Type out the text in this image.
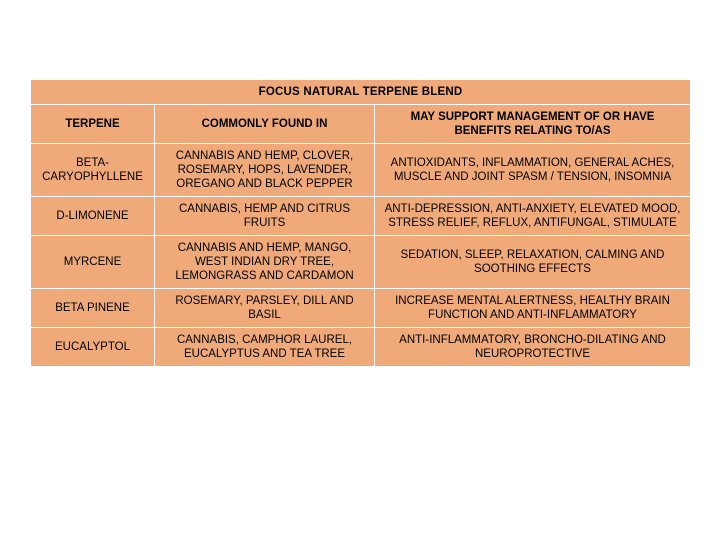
FOCUS NATURAL TERPENE BLEND		
TERPENE	COMMONLY FOUND IN	MAY SUPPORT MANAGEMENT OF OR HAVE BENEFITS RELATING TO/AS
BETA-CARYOPHYLLENE	CANNABIS AND HEMP, CLOVER, ROSEMARY, HOPS, LAVENDER, OREGANO AND BLACK PEPPER	ANTIOXIDANTS, INFLAMMATION, GENERAL ACHES, MUSCLE AND JOINT SPASM / TENSION, INSOMNIA
D-LIMONENE	CANNABIS, HEMP AND CITRUS FRUITS	ANTI-DEPRESSION, ANTI-ANXIETY, ELEVATED MOOD, STRESS RELIEF, REFLUX, ANTIFUNGAL, STIMULATE
MYRCENE	CANNABIS AND HEMP, MANGO, WEST INDIAN DRY TREE, LEMONGRASS AND CARDAMON	SEDATION, SLEEP, RELAXATION, CALMING AND SOOTHING EFFECTS
BETA PINENE	ROSEMARY, PARSLEY, DILL AND BASIL	INCREASE MENTAL ALERTNESS, HEALTHY BRAIN FUNCTION AND ANTI-INFLAMMATORY
EUCALYPTOL	CANNABIS, CAMPHOR LAUREL, EUCALYPTUS AND TEA TREE	ANTI-INFLAMMATORY, BRONCHO-DILATING AND NEUROPROTECTIVE
